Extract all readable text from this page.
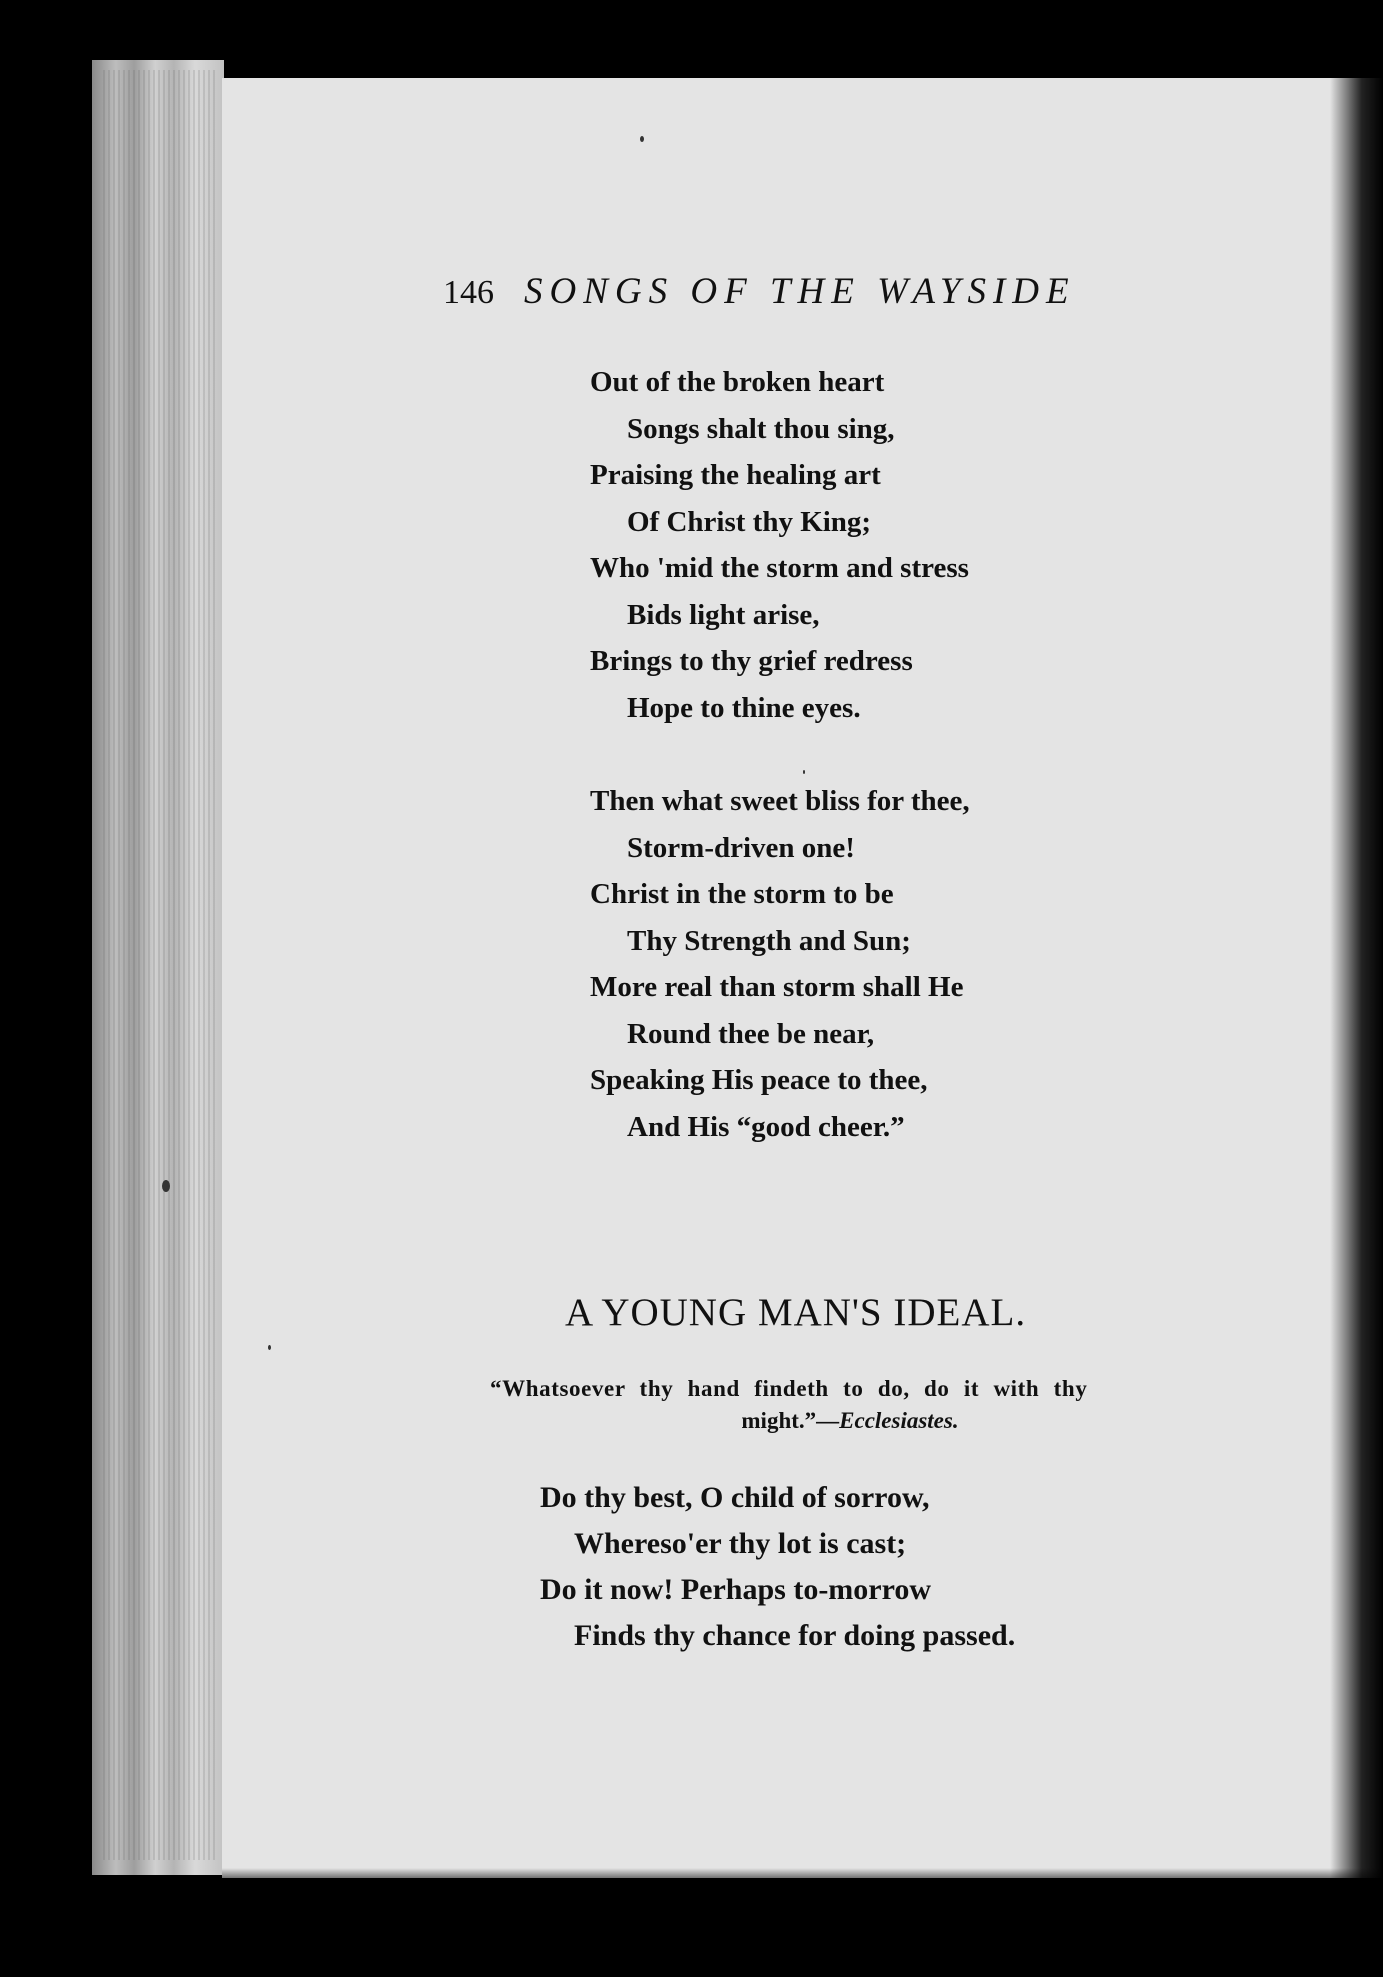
146 SONGS OF THE WAYSIDE
Out of the broken heart
Songs shalt thou sing,
Praising the healing art
Of Christ thy King;
Who 'mid the storm and stress
Bids light arise,
Brings to thy grief redress
Hope to thine eyes.
Then what sweet bliss for thee,
Storm-driven one!
Christ in the storm to be
Thy Strength and Sun;
More real than storm shall He
Round thee be near,
Speaking His peace to thee,
And His “good cheer.”
A YOUNG MAN'S IDEAL.
“Whatsoever thy hand findeth to do, do it with thy
might.”—Ecclesiastes.
Do thy best, O child of sorrow,
Whereso'er thy lot is cast;
Do it now! Perhaps to-morrow
Finds thy chance for doing passed.
